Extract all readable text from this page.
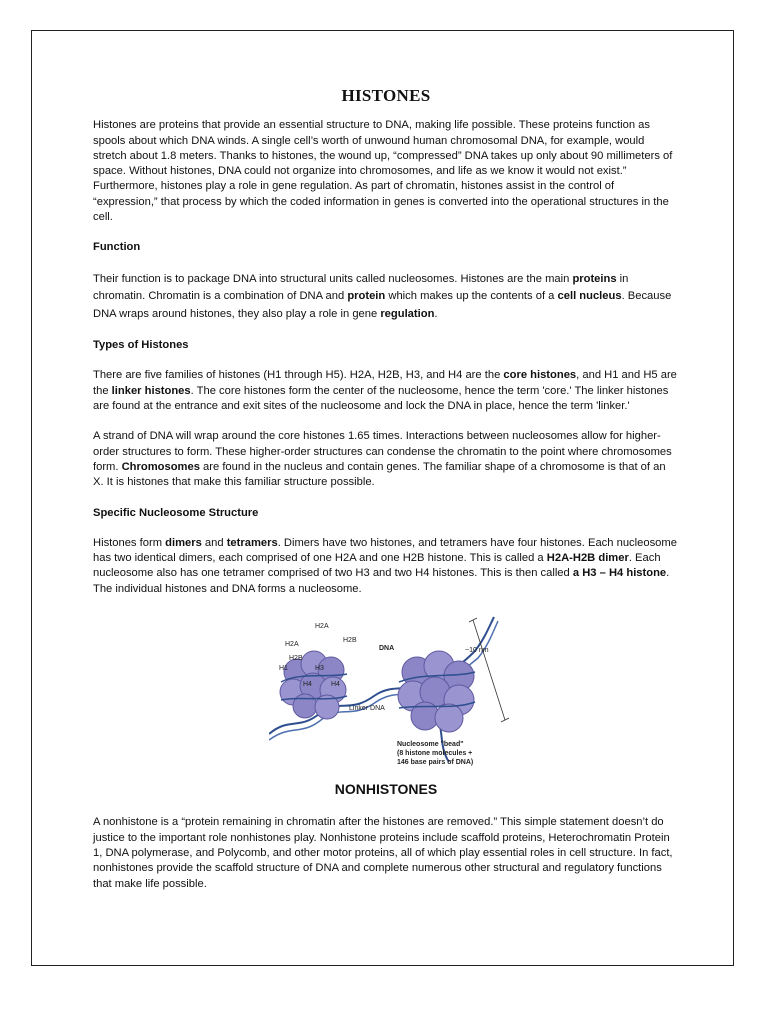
HISTONES

Histones are proteins that provide an essential structure to DNA, making life possible. These proteins function as spools about which DNA winds. A single cell’s worth of unwound human chromosomal DNA, for example, would stretch about 1.8 meters. Thanks to histones, the wound up, “compressed” DNA takes up only about 90 millimeters of space. Without histones, DNA could not organize into chromosomes, and life as we know it would not exist.” Furthermore, histones play a role in gene regulation. As part of chromatin, histones assist in the control of “expression,” that process by which the coded information in genes is converted into the operational structures in the cell.

Function

Their function is to package DNA into structural units called nucleosomes. Histones are the main proteins in chromatin. Chromatin is a combination of DNA and protein which makes up the contents of a cell nucleus. Because DNA wraps around histones, they also play a role in gene regulation.

Types of Histones

There are five families of histones (H1 through H5). H2A, H2B, H3, and H4 are the core histones, and H1 and H5 are the linker histones. The core histones form the center of the nucleosome, hence the term 'core.' The linker histones are found at the entrance and exit sites of the nucleosome and lock the DNA in place, hence the term 'linker.'

A strand of DNA will wrap around the core histones 1.65 times. Interactions between nucleosomes allow for higher-order structures to form. These higher-order structures can condense the chromatin to the point where chromosomes form. Chromosomes are found in the nucleus and contain genes. The familiar shape of a chromosome is that of an X. It is histones that make this familiar structure possible.

Specific Nucleosome Structure

Histones form dimers and tetramers. Dimers have two histones, and tetramers have four histones. Each nucleosome has two identical dimers, each comprised of one H2A and one H2B histone. This is called a H2A-H2B dimer. Each nucleosome also has one tetramer comprised of two H3 and two H4 histones. This is then called a H3 – H4 histone. The individual histones and DNA forms a nucleosome.

H2A
H2B
H2A
H2B
H1	H3
H4	H4
DNA	~10 nm
Linker DNA
Nucleosome "bead"
(8 histone molecules +
146 base pairs of DNA)
NONHISTONES

A nonhistone is a “protein remaining in chromatin after the histones are removed.” This simple statement doesn’t do justice to the important role nonhistones play. Nonhistone proteins include scaffold proteins, Heterochromatin Protein 1, DNA polymerase, and Polycomb, and other motor proteins, all of which play essential roles in cell structure. In fact, nonhistones provide the scaffold structure of DNA and complete numerous other structural and regulatory functions that make life possible.
